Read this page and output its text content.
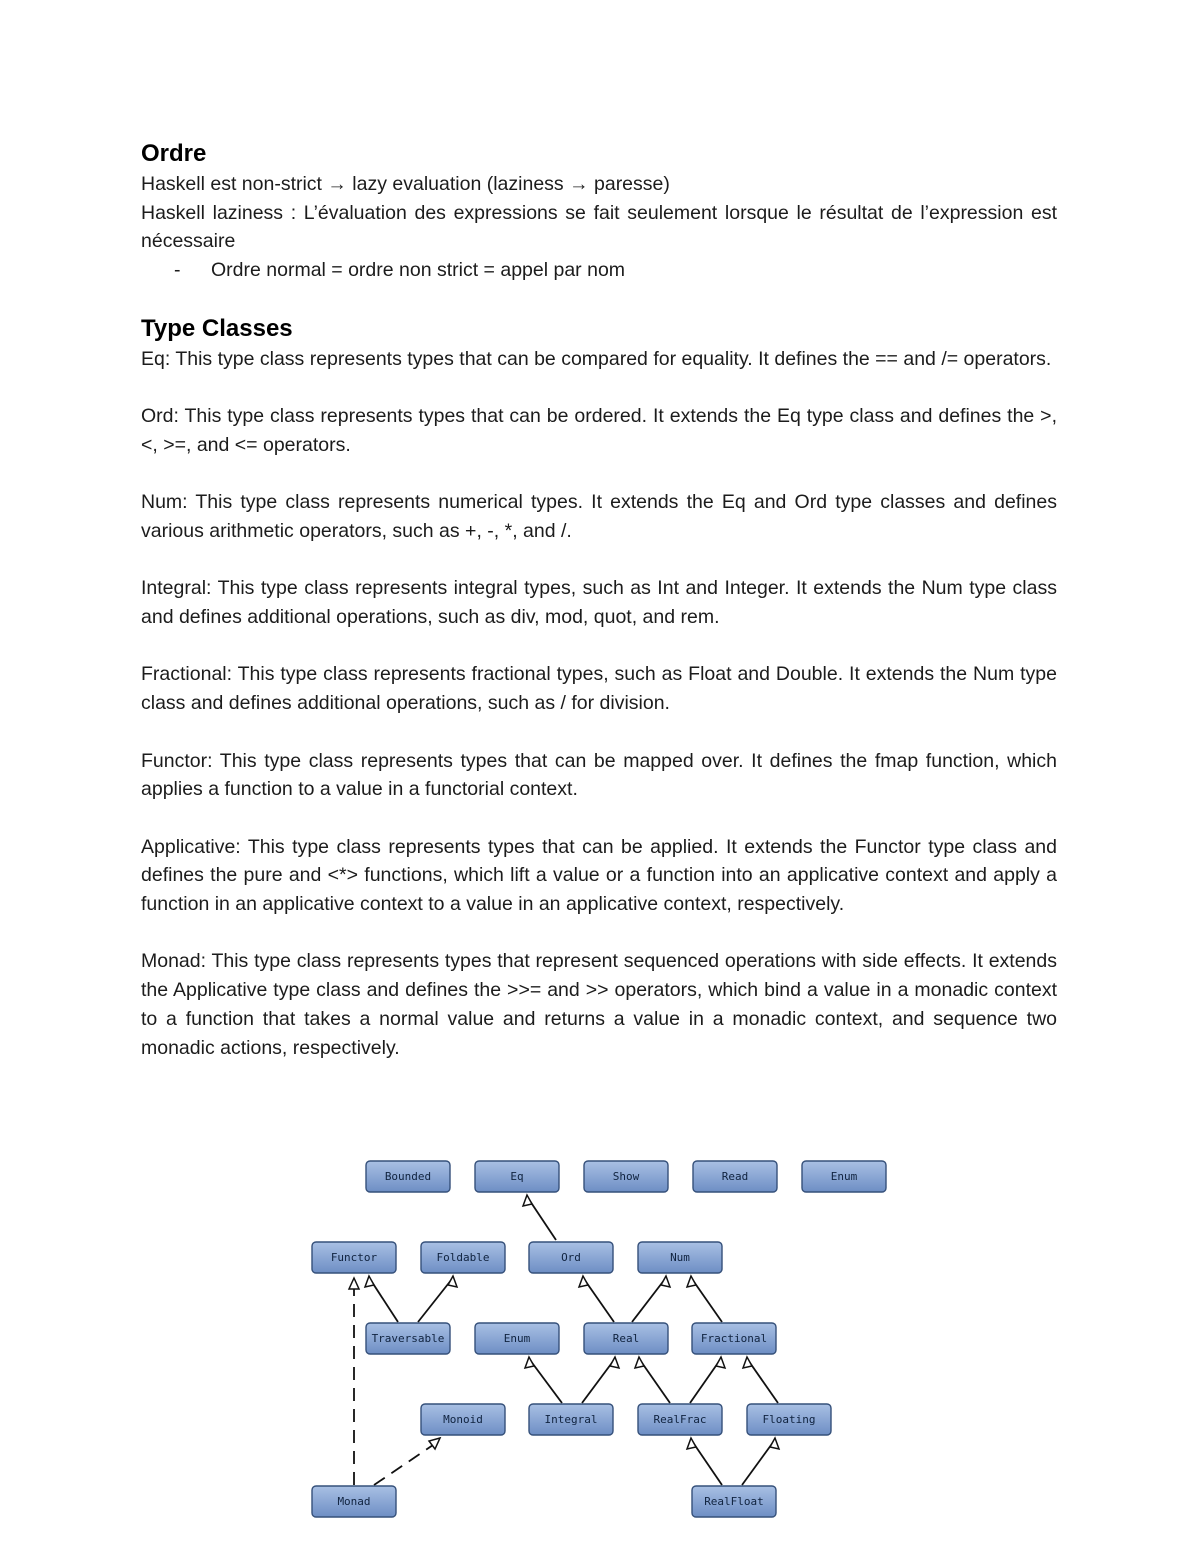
Ordre

Haskell est non-strict → lazy evaluation (laziness → paresse)

Haskell laziness : L’évaluation des expressions se fait seulement lorsque le résultat de l’expression est nécessaire

- Ordre normal = ordre non strict = appel par nom
Type Classes

Eq: This type class represents types that can be compared for equality. It defines the == and /= operators.

Ord: This type class represents types that can be ordered. It extends the Eq type class and defines the >, <, >=, and <= operators.

Num: This type class represents numerical types. It extends the Eq and Ord type classes and defines various arithmetic operators, such as +, -, *, and /.

Integral: This type class represents integral types, such as Int and Integer. It extends the Num type class and defines additional operations, such as div, mod, quot, and rem.

Fractional: This type class represents fractional types, such as Float and Double. It extends the Num type class and defines additional operations, such as / for division.

Functor: This type class represents types that can be mapped over. It defines the fmap function, which applies a function to a value in a functorial context.

Applicative: This type class represents types that can be applied. It extends the Functor type class and defines the pure and <*> functions, which lift a value or a function into an applicative context and apply a function in an applicative context to a value in an applicative context, respectively.

Monad: This type class represents types that represent sequenced operations with side effects. It extends the Applicative type class and defines the >>= and >> operators, which bind a value in a monadic context to a function that takes a normal value and returns a value in a monadic context, and sequence two monadic actions, respectively.

Bounded	Eq	Show	Read	Enum
Functor	Foldable	Ord	Num
Traversable	Enum	Real	Fractional
Monoid	Integral	RealFrac	Floating
Monad	RealFloat
